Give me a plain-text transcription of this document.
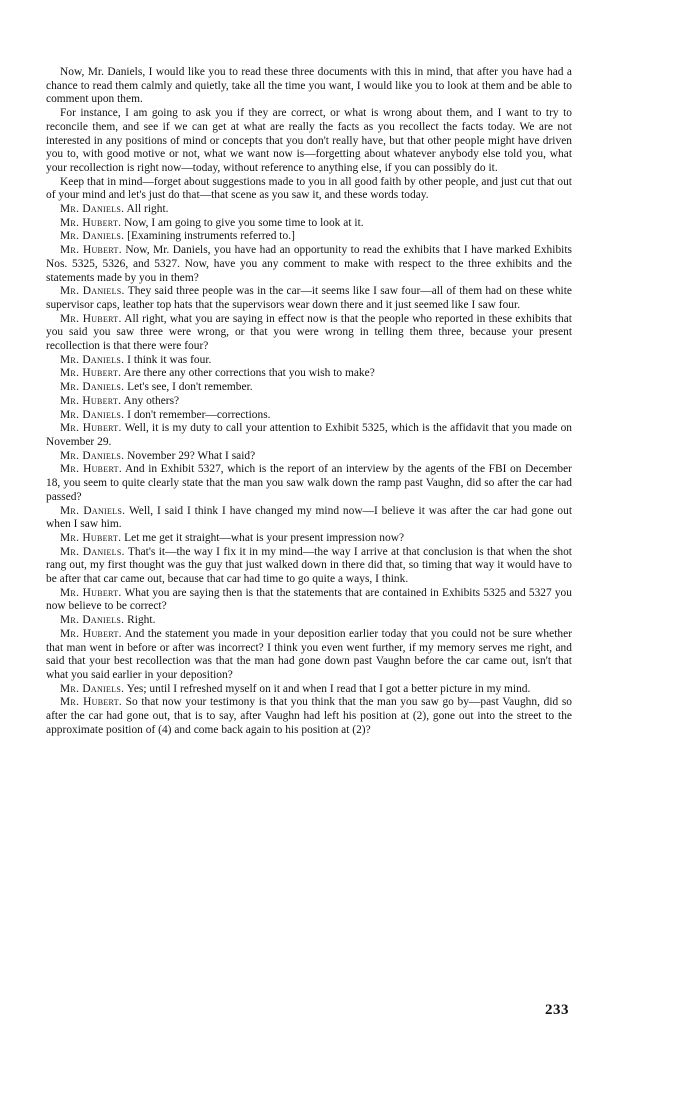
Now, Mr. Daniels, I would like you to read these three documents with this in mind, that after you have had a chance to read them calmly and quietly, take all the time you want, I would like you to look at them and be able to comment upon them.

For instance, I am going to ask you if they are correct, or what is wrong about them, and I want to try to reconcile them, and see if we can get at what are really the facts as you recollect the facts today. We are not interested in any positions of mind or concepts that you don't really have, but that other people might have driven you to, with good motive or not, what we want now is—forgetting about whatever anybody else told you, what your recollection is right now—today, without reference to anything else, if you can possibly do it.

Keep that in mind—forget about suggestions made to you in all good faith by other people, and just cut that out of your mind and let's just do that—that scene as you saw it, and these words today.

Mr. Daniels. All right.

Mr. Hubert. Now, I am going to give you some time to look at it.

Mr. Daniels. [Examining instruments referred to.]

Mr. Hubert. Now, Mr. Daniels, you have had an opportunity to read the exhibits that I have marked Exhibits Nos. 5325, 5326, and 5327. Now, have you any comment to make with respect to the three exhibits and the statements made by you in them?

Mr. Daniels. They said three people was in the car—it seems like I saw four—all of them had on these white supervisor caps, leather top hats that the supervisors wear down there and it just seemed like I saw four.

Mr. Hubert. All right, what you are saying in effect now is that the people who reported in these exhibits that you said you saw three were wrong, or that you were wrong in telling them three, because your present recollection is that there were four?

Mr. Daniels. I think it was four.

Mr. Hubert. Are there any other corrections that you wish to make?

Mr. Daniels. Let's see, I don't remember.

Mr. Hubert. Any others?

Mr. Daniels. I don't remember—corrections.

Mr. Hubert. Well, it is my duty to call your attention to Exhibit 5325, which is the affidavit that you made on November 29.

Mr. Daniels. November 29? What I said?

Mr. Hubert. And in Exhibit 5327, which is the report of an interview by the agents of the FBI on December 18, you seem to quite clearly state that the man you saw walk down the ramp past Vaughn, did so after the car had passed?

Mr. Daniels. Well, I said I think I have changed my mind now—I believe it was after the car had gone out when I saw him.

Mr. Hubert. Let me get it straight—what is your present impression now?

Mr. Daniels. That's it—the way I fix it in my mind—the way I arrive at that conclusion is that when the shot rang out, my first thought was the guy that just walked down in there did that, so timing that way it would have to be after that car came out, because that car had time to go quite a ways, I think.

Mr. Hubert. What you are saying then is that the statements that are contained in Exhibits 5325 and 5327 you now believe to be correct?

Mr. Daniels. Right.

Mr. Hubert. And the statement you made in your deposition earlier today that you could not be sure whether that man went in before or after was incorrect? I think you even went further, if my memory serves me right, and said that your best recollection was that the man had gone down past Vaughn before the car came out, isn't that what you said earlier in your deposition?

Mr. Daniels. Yes; until I refreshed myself on it and when I read that I got a better picture in my mind.

Mr. Hubert. So that now your testimony is that you think that the man you saw go by—past Vaughn, did so after the car had gone out, that is to say, after Vaughn had left his position at (2), gone out into the street to the approximate position of (4) and come back again to his position at (2)?

233
